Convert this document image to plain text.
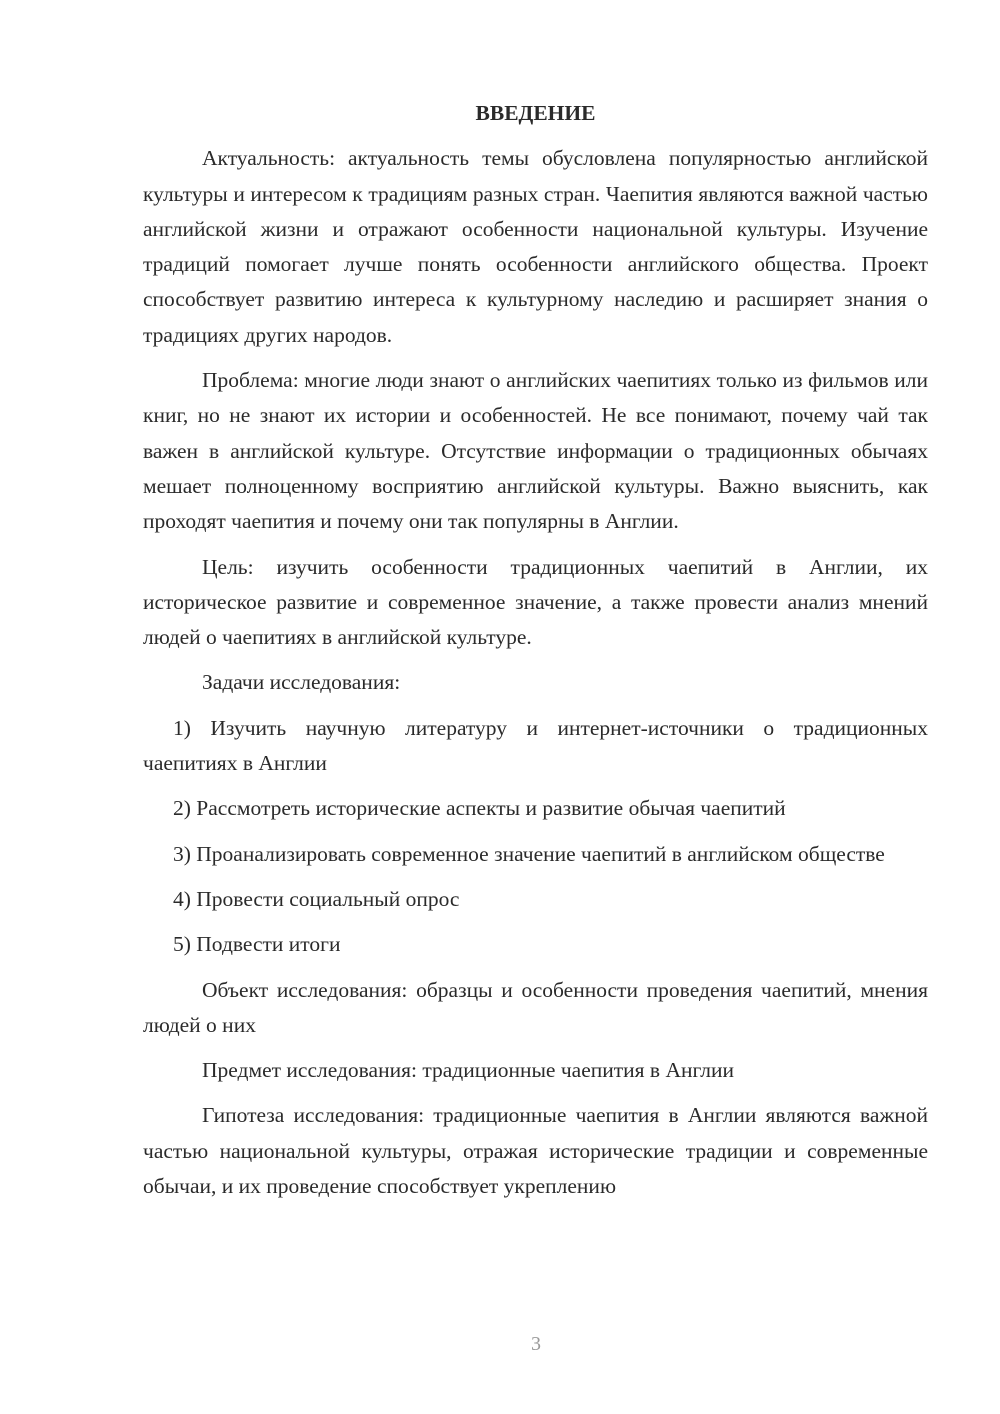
ВВЕДЕНИЕ

Актуальность: актуальность темы обусловлена популярностью английской культуры и интересом к традициям разных стран. Чаепития являются важной частью английской жизни и отражают особенности национальной культуры. Изучение традиций помогает лучше понять особенности английского общества. Проект способствует развитию интереса к культурному наследию и расширяет знания о традициях других народов.

Проблема: многие люди знают о английских чаепитиях только из фильмов или книг, но не знают их истории и особенностей. Не все понимают, почему чай так важен в английской культуре. Отсутствие информации о традиционных обычаях мешает полноценному восприятию английской культуры. Важно выяснить, как проходят чаепития и почему они так популярны в Англии.

Цель: изучить особенности традиционных чаепитий в Англии, их историческое развитие и современное значение, а также провести анализ мнений людей о чаепитиях в английской культуре.

Задачи исследования:

1) Изучить научную литературу и интернет-источники о традиционных чаепитиях в Англии

2) Рассмотреть исторические аспекты и развитие обычая чаепитий

3) Проанализировать современное значение чаепитий в английском обществе

4) Провести социальный опрос

5) Подвести итоги

Объект исследования: образцы и особенности проведения чаепитий, мнения людей о них

Предмет исследования: традиционные чаепития в Англии

Гипотеза исследования: традиционные чаепития в Англии являются важной частью национальной культуры, отражая исторические традиции и современные обычаи, и их проведение способствует укреплению

3
